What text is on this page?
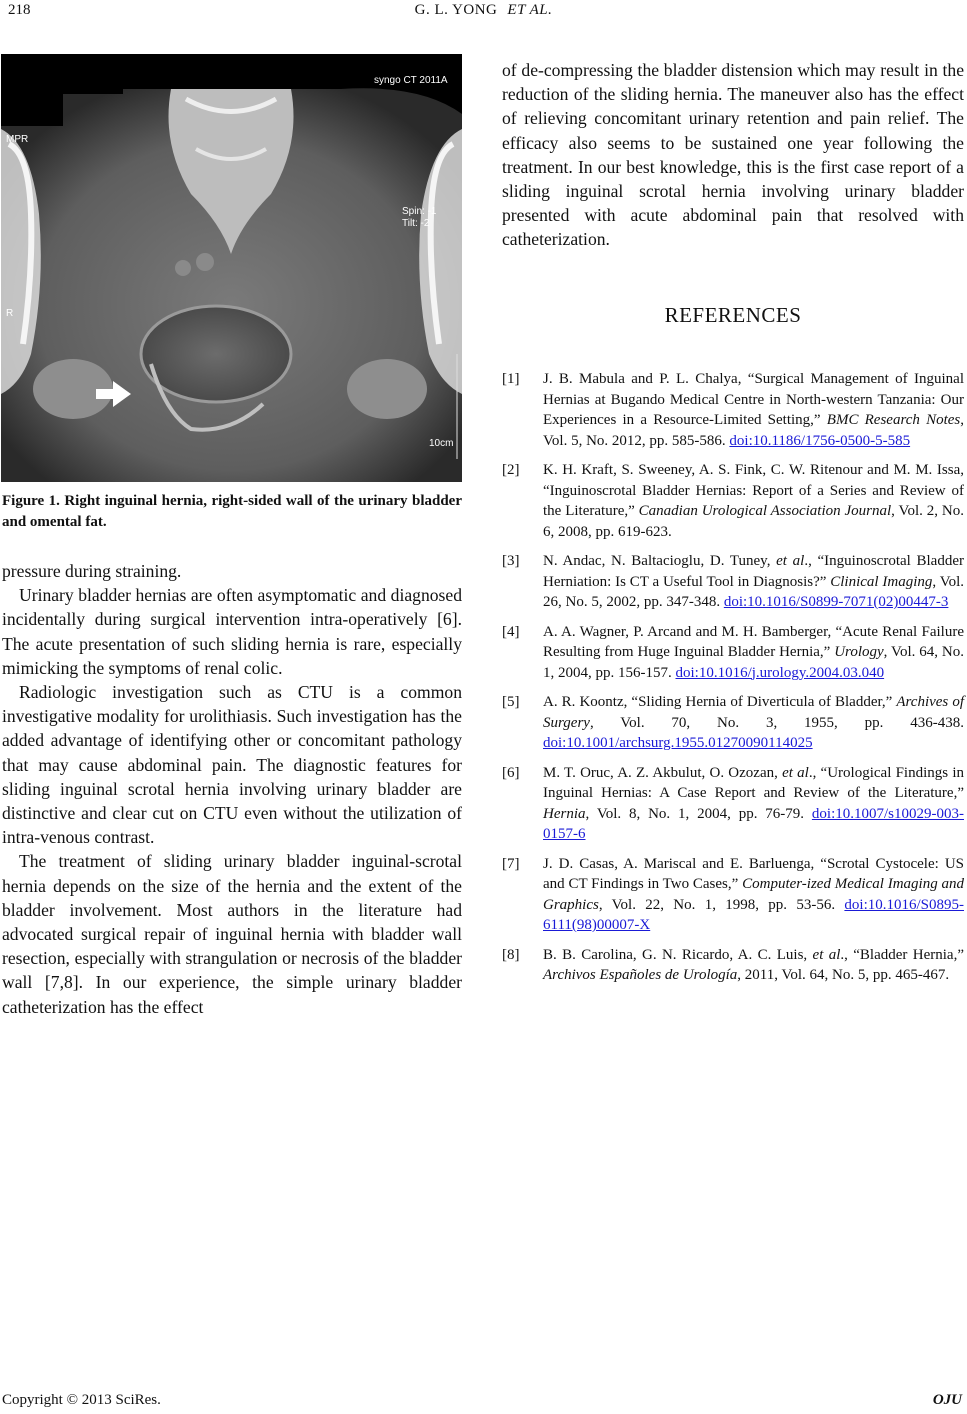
218	G. L. YONG ET AL.
syngo CT 2011A
MPR
Spin: -1
Tilt: -2
R
10cm
Figure 1. Right inguinal hernia, right-sided wall of the urinary bladder and omental fat.

pressure during straining.

Urinary bladder hernias are often asymptomatic and diagnosed incidentally during surgical intervention intra-operatively [6]. The acute presentation of such sliding hernia is rare, especially mimicking the symptoms of renal colic.

Radiologic investigation such as CTU is a common investigative modality for urolithiasis. Such investigation has the added advantage of identifying other or concomitant pathology that may cause abdominal pain. The diagnostic features for sliding inguinal scrotal hernia involving urinary bladder are distinctive and clear cut on CTU even without the utilization of intra-venous contrast.

The treatment of sliding urinary bladder inguinal-scrotal hernia depends on the size of the hernia and the extent of the bladder involvement. Most authors in the literature had advocated surgical repair of inguinal hernia with bladder wall resection, especially with strangulation or necrosis of the bladder wall [7,8]. In our experience, the simple urinary bladder catheterization has the effect

of de-compressing the bladder distension which may result in the reduction of the sliding hernia. The maneuver also has the effect of relieving concomitant urinary retention and pain relief. The efficacy also seems to be sustained one year following the treatment. In our best knowledge, this is the first case report of a sliding inguinal scrotal hernia involving urinary bladder presented with acute abdominal pain that resolved with catheterization.

REFERENCES
[1]	J. B. Mabula and P. L. Chalya, “Surgical Management of Inguinal Hernias at Bugando Medical Centre in North-western Tanzania: Our Experiences in a Resource-Limited Setting,” BMC Research Notes, Vol. 5, No. 2012, pp. 585-586. doi:10.1186/1756-0500-5-585
[2]	K. H. Kraft, S. Sweeney, A. S. Fink, C. W. Ritenour and M. M. Issa, “Inguinoscrotal Bladder Hernias: Report of a Series and Review of the Literature,” Canadian Urological Association Journal, Vol. 2, No. 6, 2008, pp. 619-623.
[3]	N. Andac, N. Baltacioglu, D. Tuney, et al., “Inguinoscrotal Bladder Herniation: Is CT a Useful Tool in Diagnosis?” Clinical Imaging, Vol. 26, No. 5, 2002, pp. 347-348. doi:10.1016/S0899-7071(02)00447-3
[4]	A. A. Wagner, P. Arcand and M. H. Bamberger, “Acute Renal Failure Resulting from Huge Inguinal Bladder Hernia,” Urology, Vol. 64, No. 1, 2004, pp. 156-157. doi:10.1016/j.urology.2004.03.040
[5]	A. R. Koontz, “Sliding Hernia of Diverticula of Bladder,” Archives of Surgery, Vol. 70, No. 3, 1955, pp. 436-438. doi:10.1001/archsurg.1955.01270090114025
[6]	M. T. Oruc, A. Z. Akbulut, O. Ozozan, et al., “Urological Findings in Inguinal Hernias: A Case Report and Review of the Literature,” Hernia, Vol. 8, No. 1, 2004, pp. 76-79. doi:10.1007/s10029-003-0157-6
[7]	J. D. Casas, A. Mariscal and E. Barluenga, “Scrotal Cystocele: US and CT Findings in Two Cases,” Computer-ized Medical Imaging and Graphics, Vol. 22, No. 1, 1998, pp. 53-56. doi:10.1016/S0895-6111(98)00007-X
[8]	B. B. Carolina, G. N. Ricardo, A. C. Luis, et al., “Bladder Hernia,” Archivos Españoles de Urología, 2011, Vol. 64, No. 5, pp. 465-467.
Copyright © 2013 SciRes.	OJU
